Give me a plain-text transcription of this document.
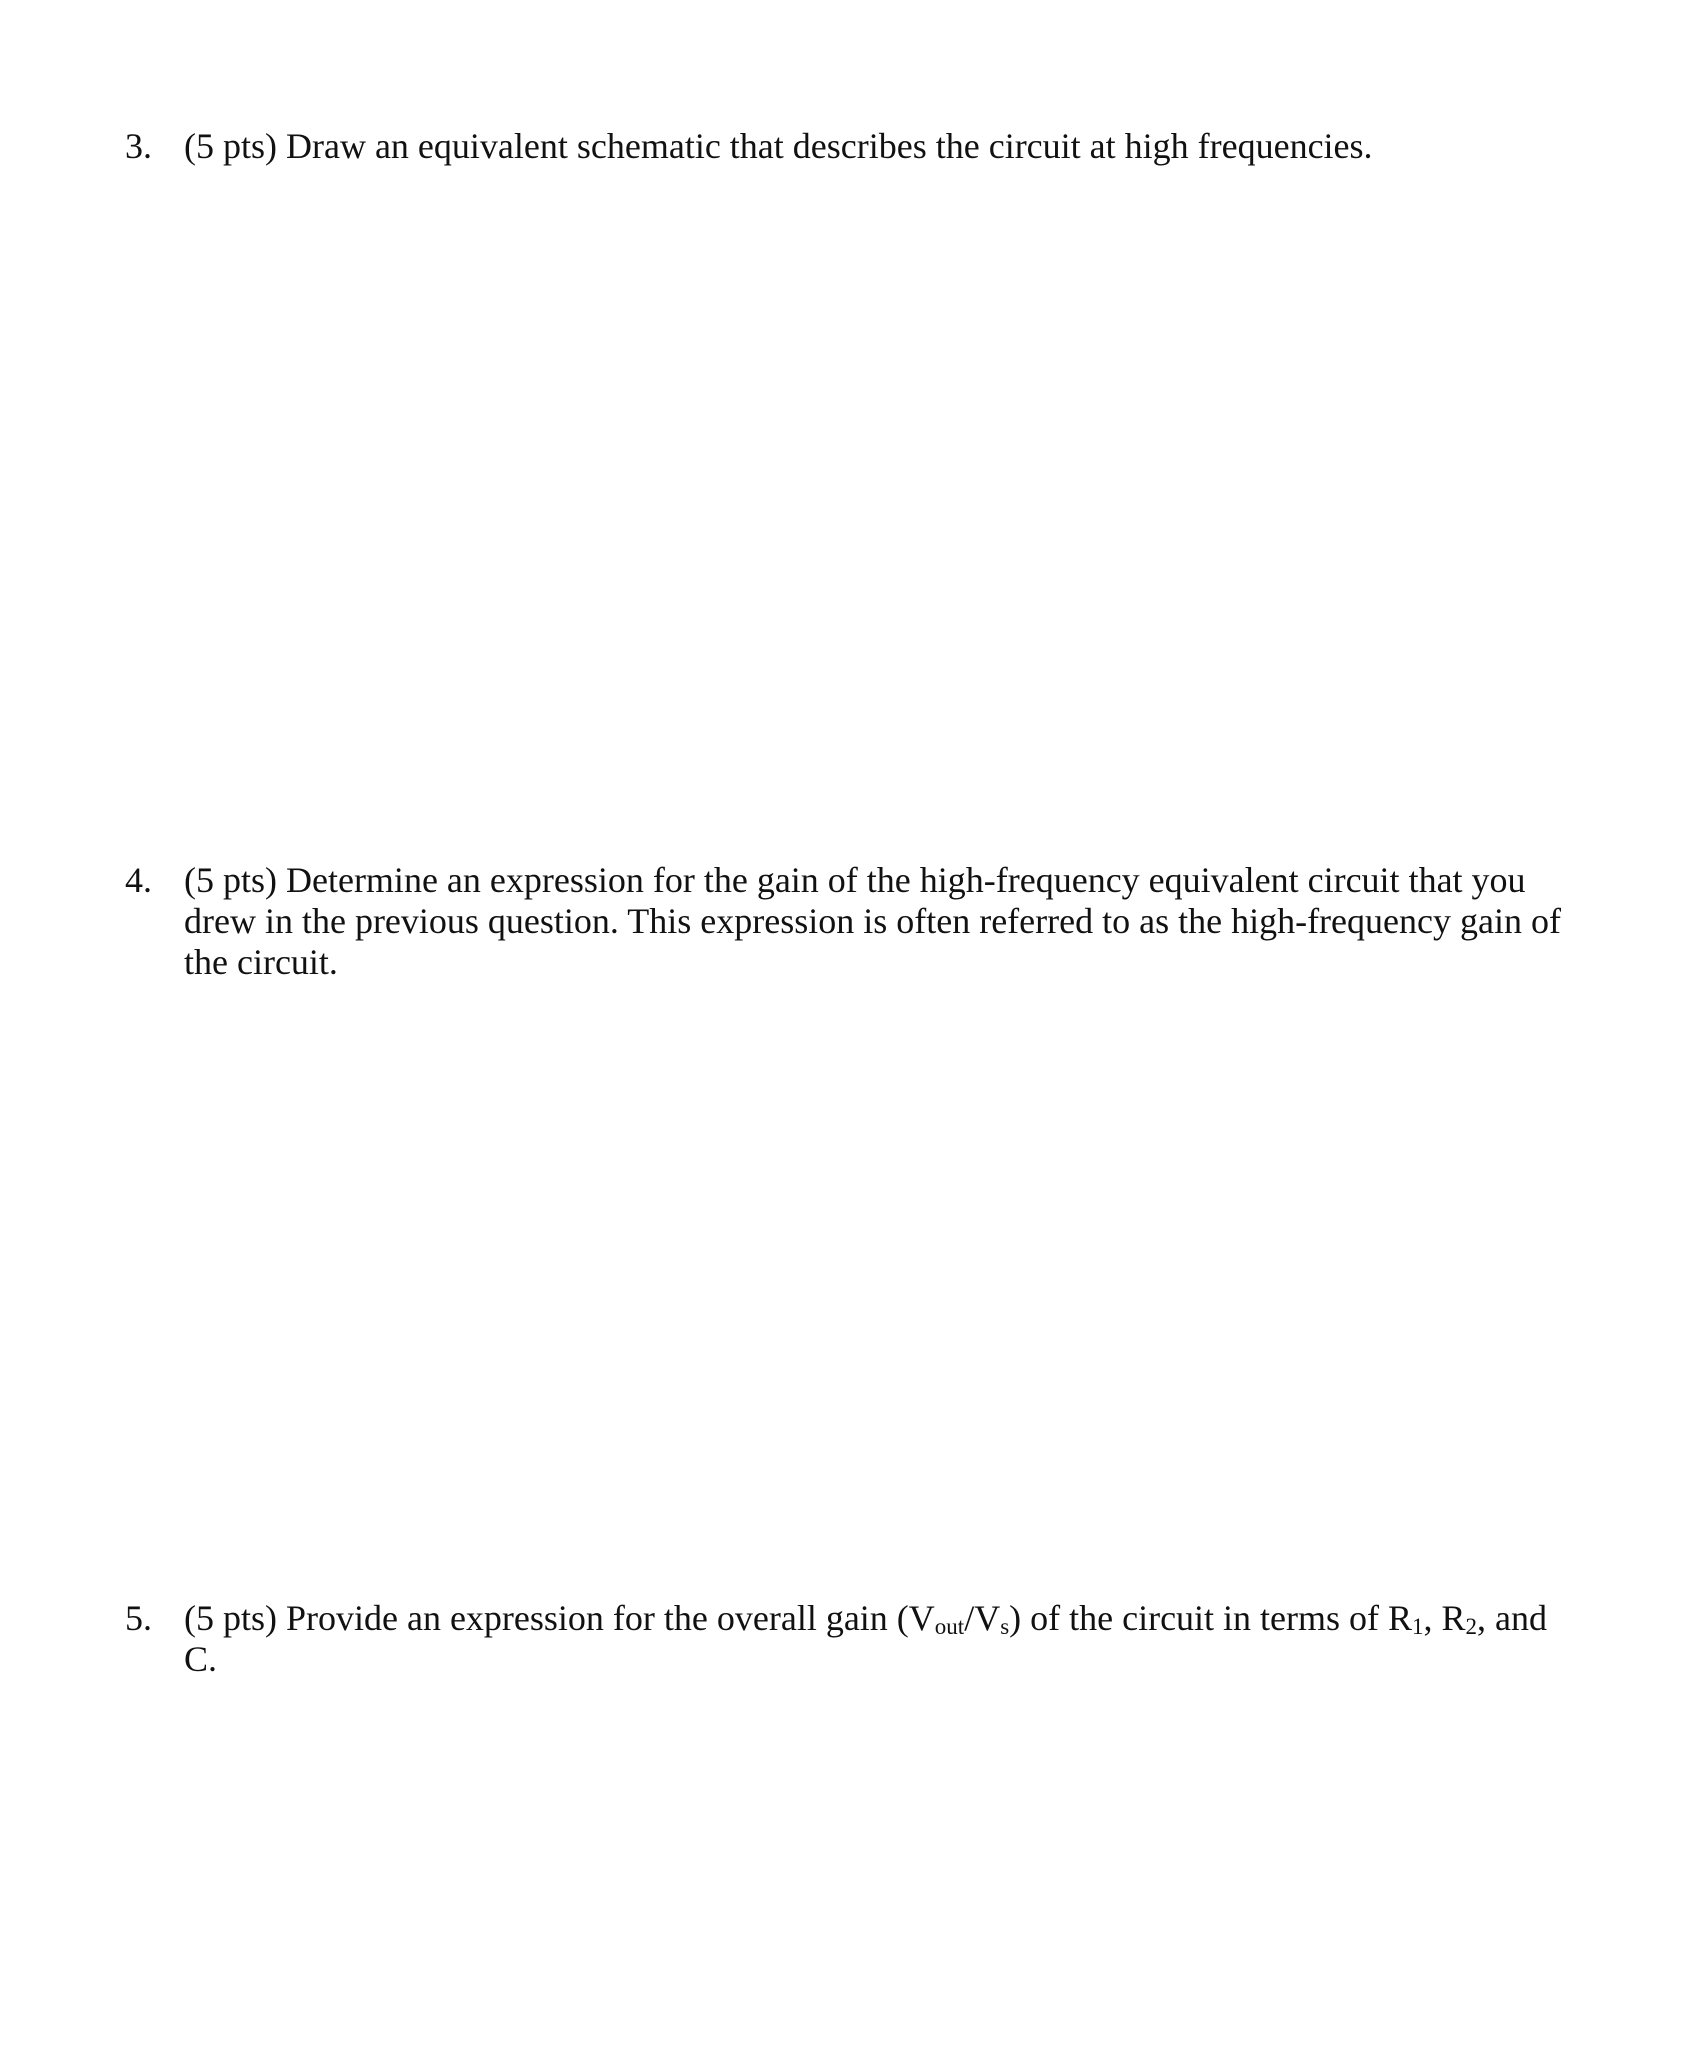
3. (5 pts) Draw an equivalent schematic that describes the circuit at high frequencies.
4. (5 pts) Determine an expression for the gain of the high-frequency equivalent circuit that you drew in the previous question. This expression is often referred to as the high-frequency gain of the circuit.
5. (5 pts) Provide an expression for the overall gain (Vout/Vs) of the circuit in terms of R1, R2, and C.
